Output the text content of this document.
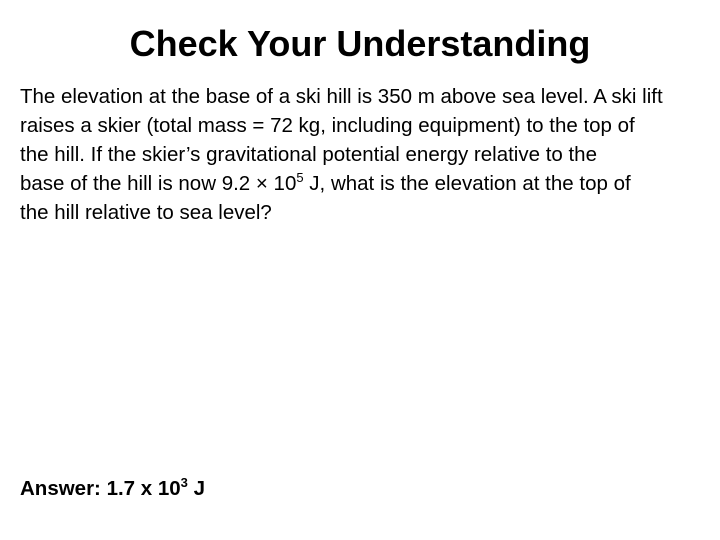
Check Your Understanding
The elevation at the base of a ski hill is 350 m above sea level. A ski lift
raises a skier (total mass = 72 kg, including equipment) to the top of
the hill. If the skier’s gravitational potential energy relative to the
base of the hill is now $9.2 \times 10^5$ J, what is the elevation at the top of
the hill relative to sea level?
Answer: 1.7 x $10^3$ J
